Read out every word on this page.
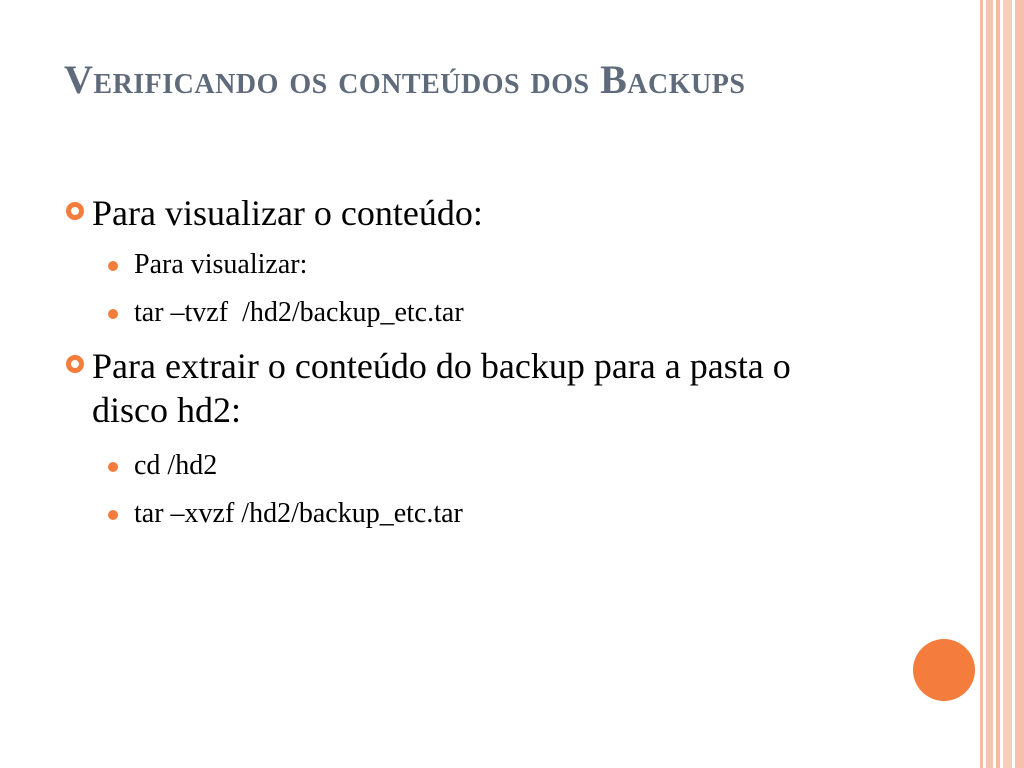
Verificando os conteúdos dos Backups
Para visualizar o conteúdo:
Para visualizar:
tar –tvzf  /hd2/backup_etc.tar
Para extrair o conteúdo do backup para a pasta o disco hd2:
cd /hd2
tar –xvzf /hd2/backup_etc.tar
